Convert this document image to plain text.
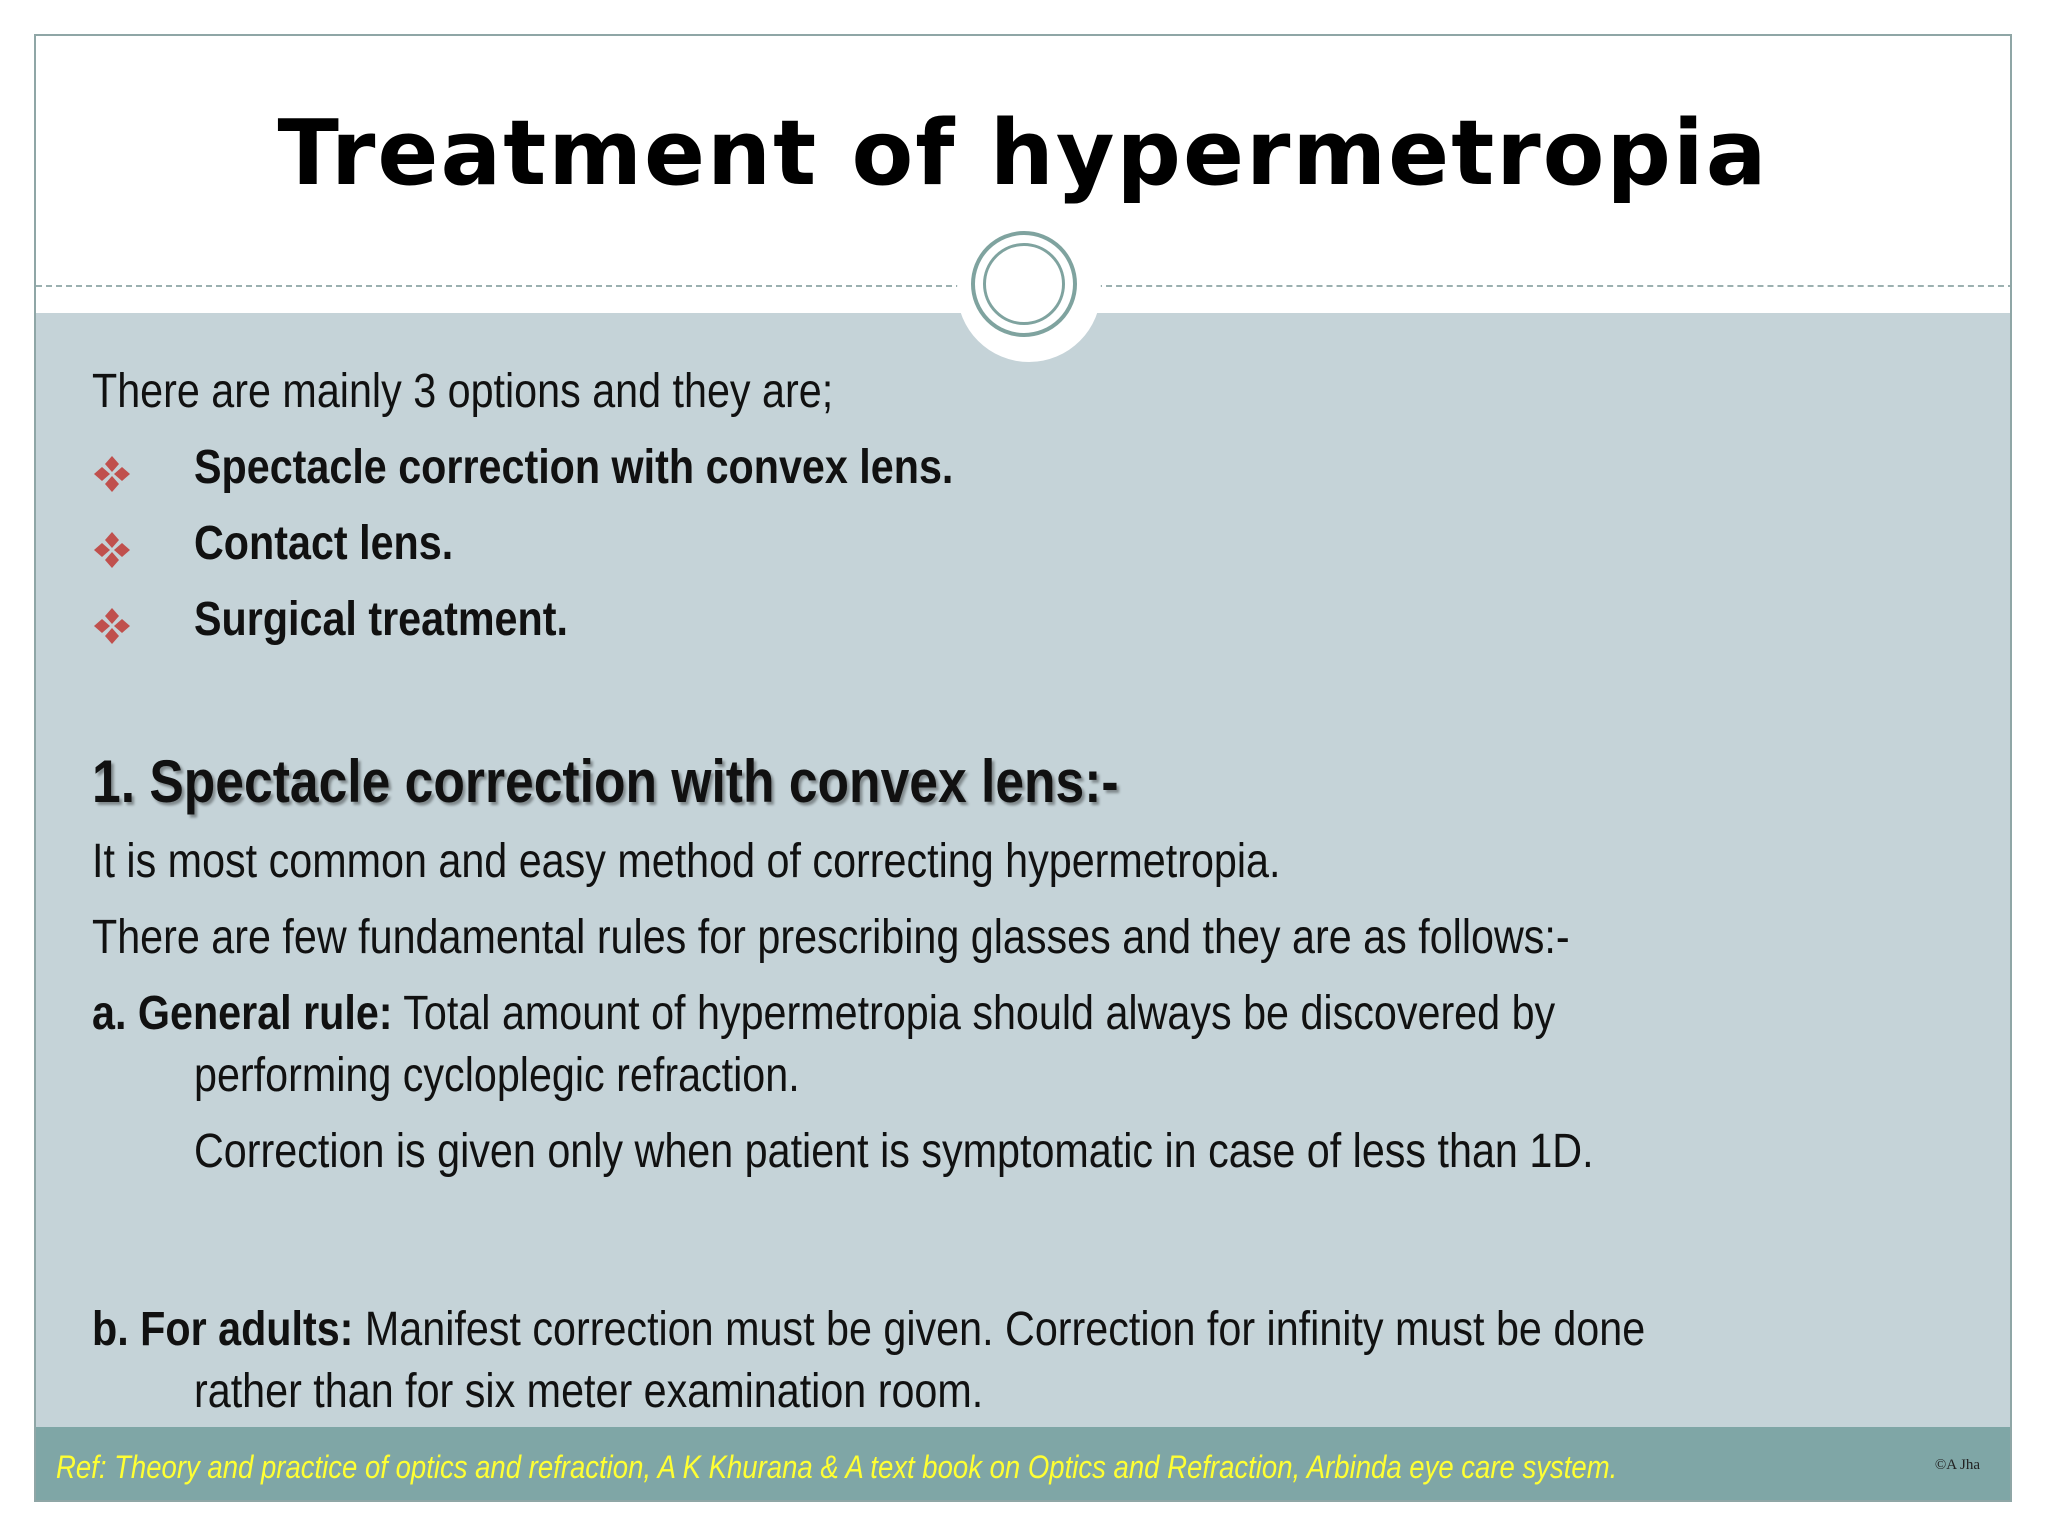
Treatment of hypermetropia

There are mainly 3 options and they are;

Spectacle correction with convex lens.
Contact lens.
Surgical treatment.
1. Spectacle correction with convex lens:-

It is most common and easy method of correcting hypermetropia.

There are few fundamental rules for prescribing glasses and they are as follows:-

a. General rule: Total amount of hypermetropia should always be discovered by

performing cycloplegic refraction.

Correction is given only when patient is symptomatic in case of less than 1D.

b. For adults: Manifest correction must be given. Correction for infinity must be done

rather than for six meter examination room.

Ref: Theory and practice of optics and refraction, A K Khurana & A text book on Optics and Refraction, Arbinda eye care system.	©A Jha
